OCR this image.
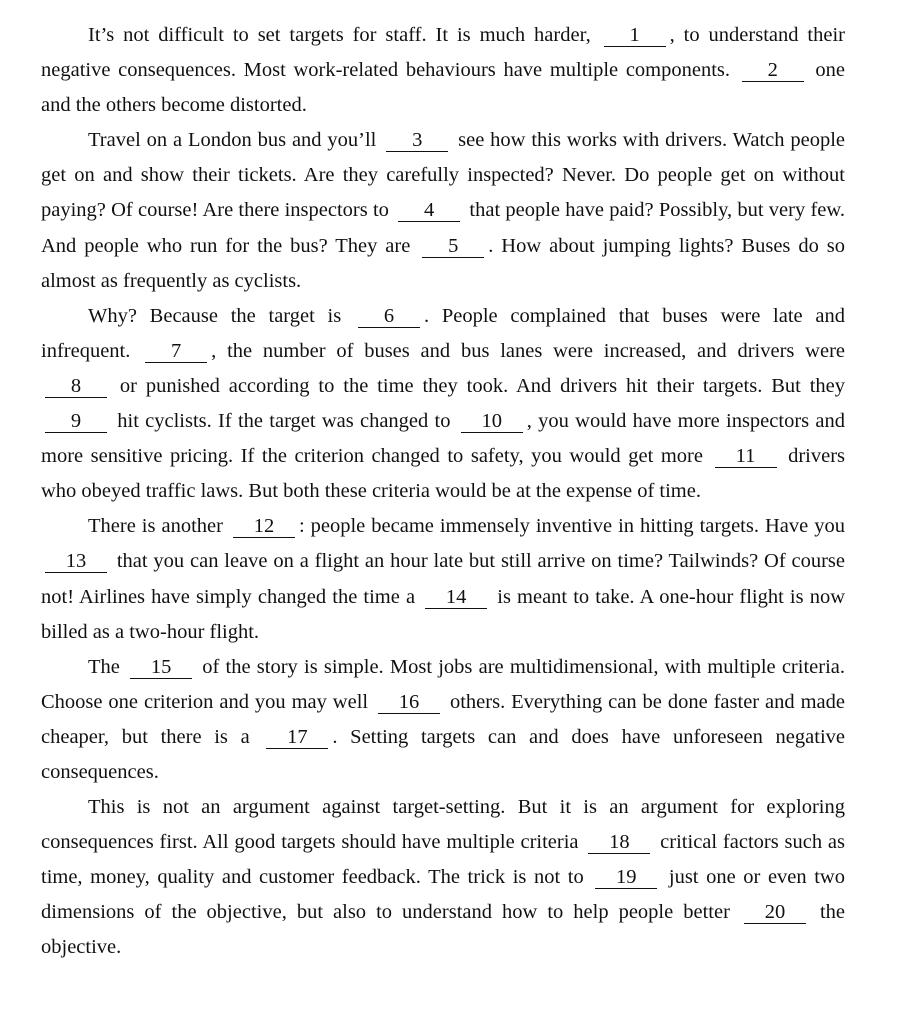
It’s not difficult to set targets for staff. It is much harder, 1 , to understand their negative consequences. Most work-related behaviours have multiple components. 2 one and the others become distorted.

Travel on a London bus and you’ll 3 see how this works with drivers. Watch people get on and show their tickets. Are they carefully inspected? Never. Do people get on without paying? Of course! Are there inspectors to 4 that people have paid? Possibly, but very few. And people who run for the bus? They are 5 . How about jumping lights? Buses do so almost as frequently as cyclists.

Why? Because the target is 6 . People complained that buses were late and infrequent. 7 , the number of buses and bus lanes were increased, and drivers were 8 or punished according to the time they took. And drivers hit their targets. But they 9 hit cyclists. If the target was changed to 10 , you would have more inspectors and more sensitive pricing. If the criterion changed to safety, you would get more 11 drivers who obeyed traffic laws. But both these criteria would be at the expense of time.

There is another 12 : people became immensely inventive in hitting targets. Have you 13 that you can leave on a flight an hour late but still arrive on time? Tailwinds? Of course not! Airlines have simply changed the time a 14 is meant to take. A one-hour flight is now billed as a two-hour flight.

The 15 of the story is simple. Most jobs are multidimensional, with multiple criteria. Choose one criterion and you may well 16 others. Everything can be done faster and made cheaper, but there is a 17 . Setting targets can and does have unforeseen negative consequences.

This is not an argument against target-setting. But it is an argument for exploring consequences first. All good targets should have multiple criteria 18 critical factors such as time, money, quality and customer feedback. The trick is not to 19 just one or even two dimensions of the objective, but also to understand how to help people better 20 the objective.
